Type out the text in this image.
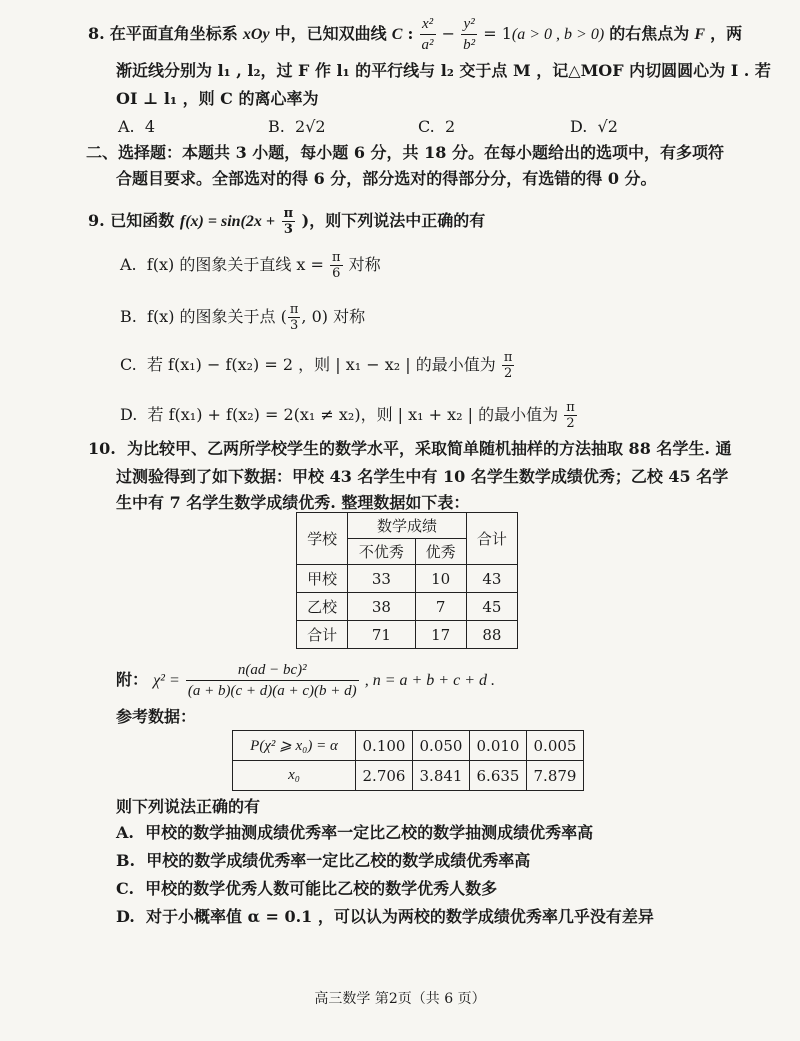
8. 在平面直角坐标系 xOy 中，已知双曲线 C : $\frac{\text{x²}}{\text{a²}} - \frac{\text{y²}}{\text{b²}} = 1(a > 0$ , b > 0) 的右焦点为 F ，两
渐近线分别为 l₁ , l₂，过 F 作 l₁ 的平行线与 l₂ 交于点 M ，记△MOF 内切圆圆心为 I . 若
OI ⊥ l₁ ，则 C 的离心率为
A. 4	B. 2√2	C. 2	D. √2
二、选择题：本题共 3 小题，每小题 6 分，共 18 分。在每小题给出的选项中，有多项符
合题目要求。全部选对的得 6 分，部分选对的得部分分，有选错的得 0 分。
9. 已知函数 $f(x) = \sin(2x + \frac{\pi}{3}$ )，则下列说法中正确的有
A. f(x) 的图象关于直线 $x = \frac{\pi}{6}$ 对称
B. f(x) 的图象关于点 ( $\frac{\pi}{3}$ , 0) 对称
C. 若 f(x₁) − f(x₂) = 2 ，则 | x₁ − x₂ | 的最小值为 $\frac{\pi}{2}$
D. 若 f(x₁) + f(x₂) = 2(x₁ ≠ x₂)，则 | x₁ + x₂ | 的最小值为 $\frac{\pi}{2}$
10. 为比较甲、乙两所学校学生的数学水平，采取简单随机抽样的方法抽取 88 名学生. 通
过测验得到了如下数据：甲校 43 名学生中有 10 名学生数学成绩优秀；乙校 45 名学
生中有 7 名学生数学成绩优秀. 整理数据如下表：
学校	数学成绩		合计
	不优秀	优秀	
甲校	33	10	43
乙校	38	7	45
合计	71	17	88
附： $\chi^2 = \frac{\text{n(ad − bc)²}}{(a + b)(c + d)(a + c)(b + d)}$ , n = a + b + c + d .
参考数据：
P(χ² ⩾ x₀) = α	0.100	0.050	0.010	0.005
x₀	2.706	3.841	6.635	7.879
则下列说法正确的有
A. 甲校的数学抽测成绩优秀率一定比乙校的数学抽测成绩优秀率高
B. 甲校的数学成绩优秀率一定比乙校的数学成绩优秀率高
C. 甲校的数学优秀人数可能比乙校的数学优秀人数多
D. 对于小概率值 α = 0.1 ，可以认为两校的数学成绩优秀率几乎没有差异
高三数学 第2页（共 6 页）
